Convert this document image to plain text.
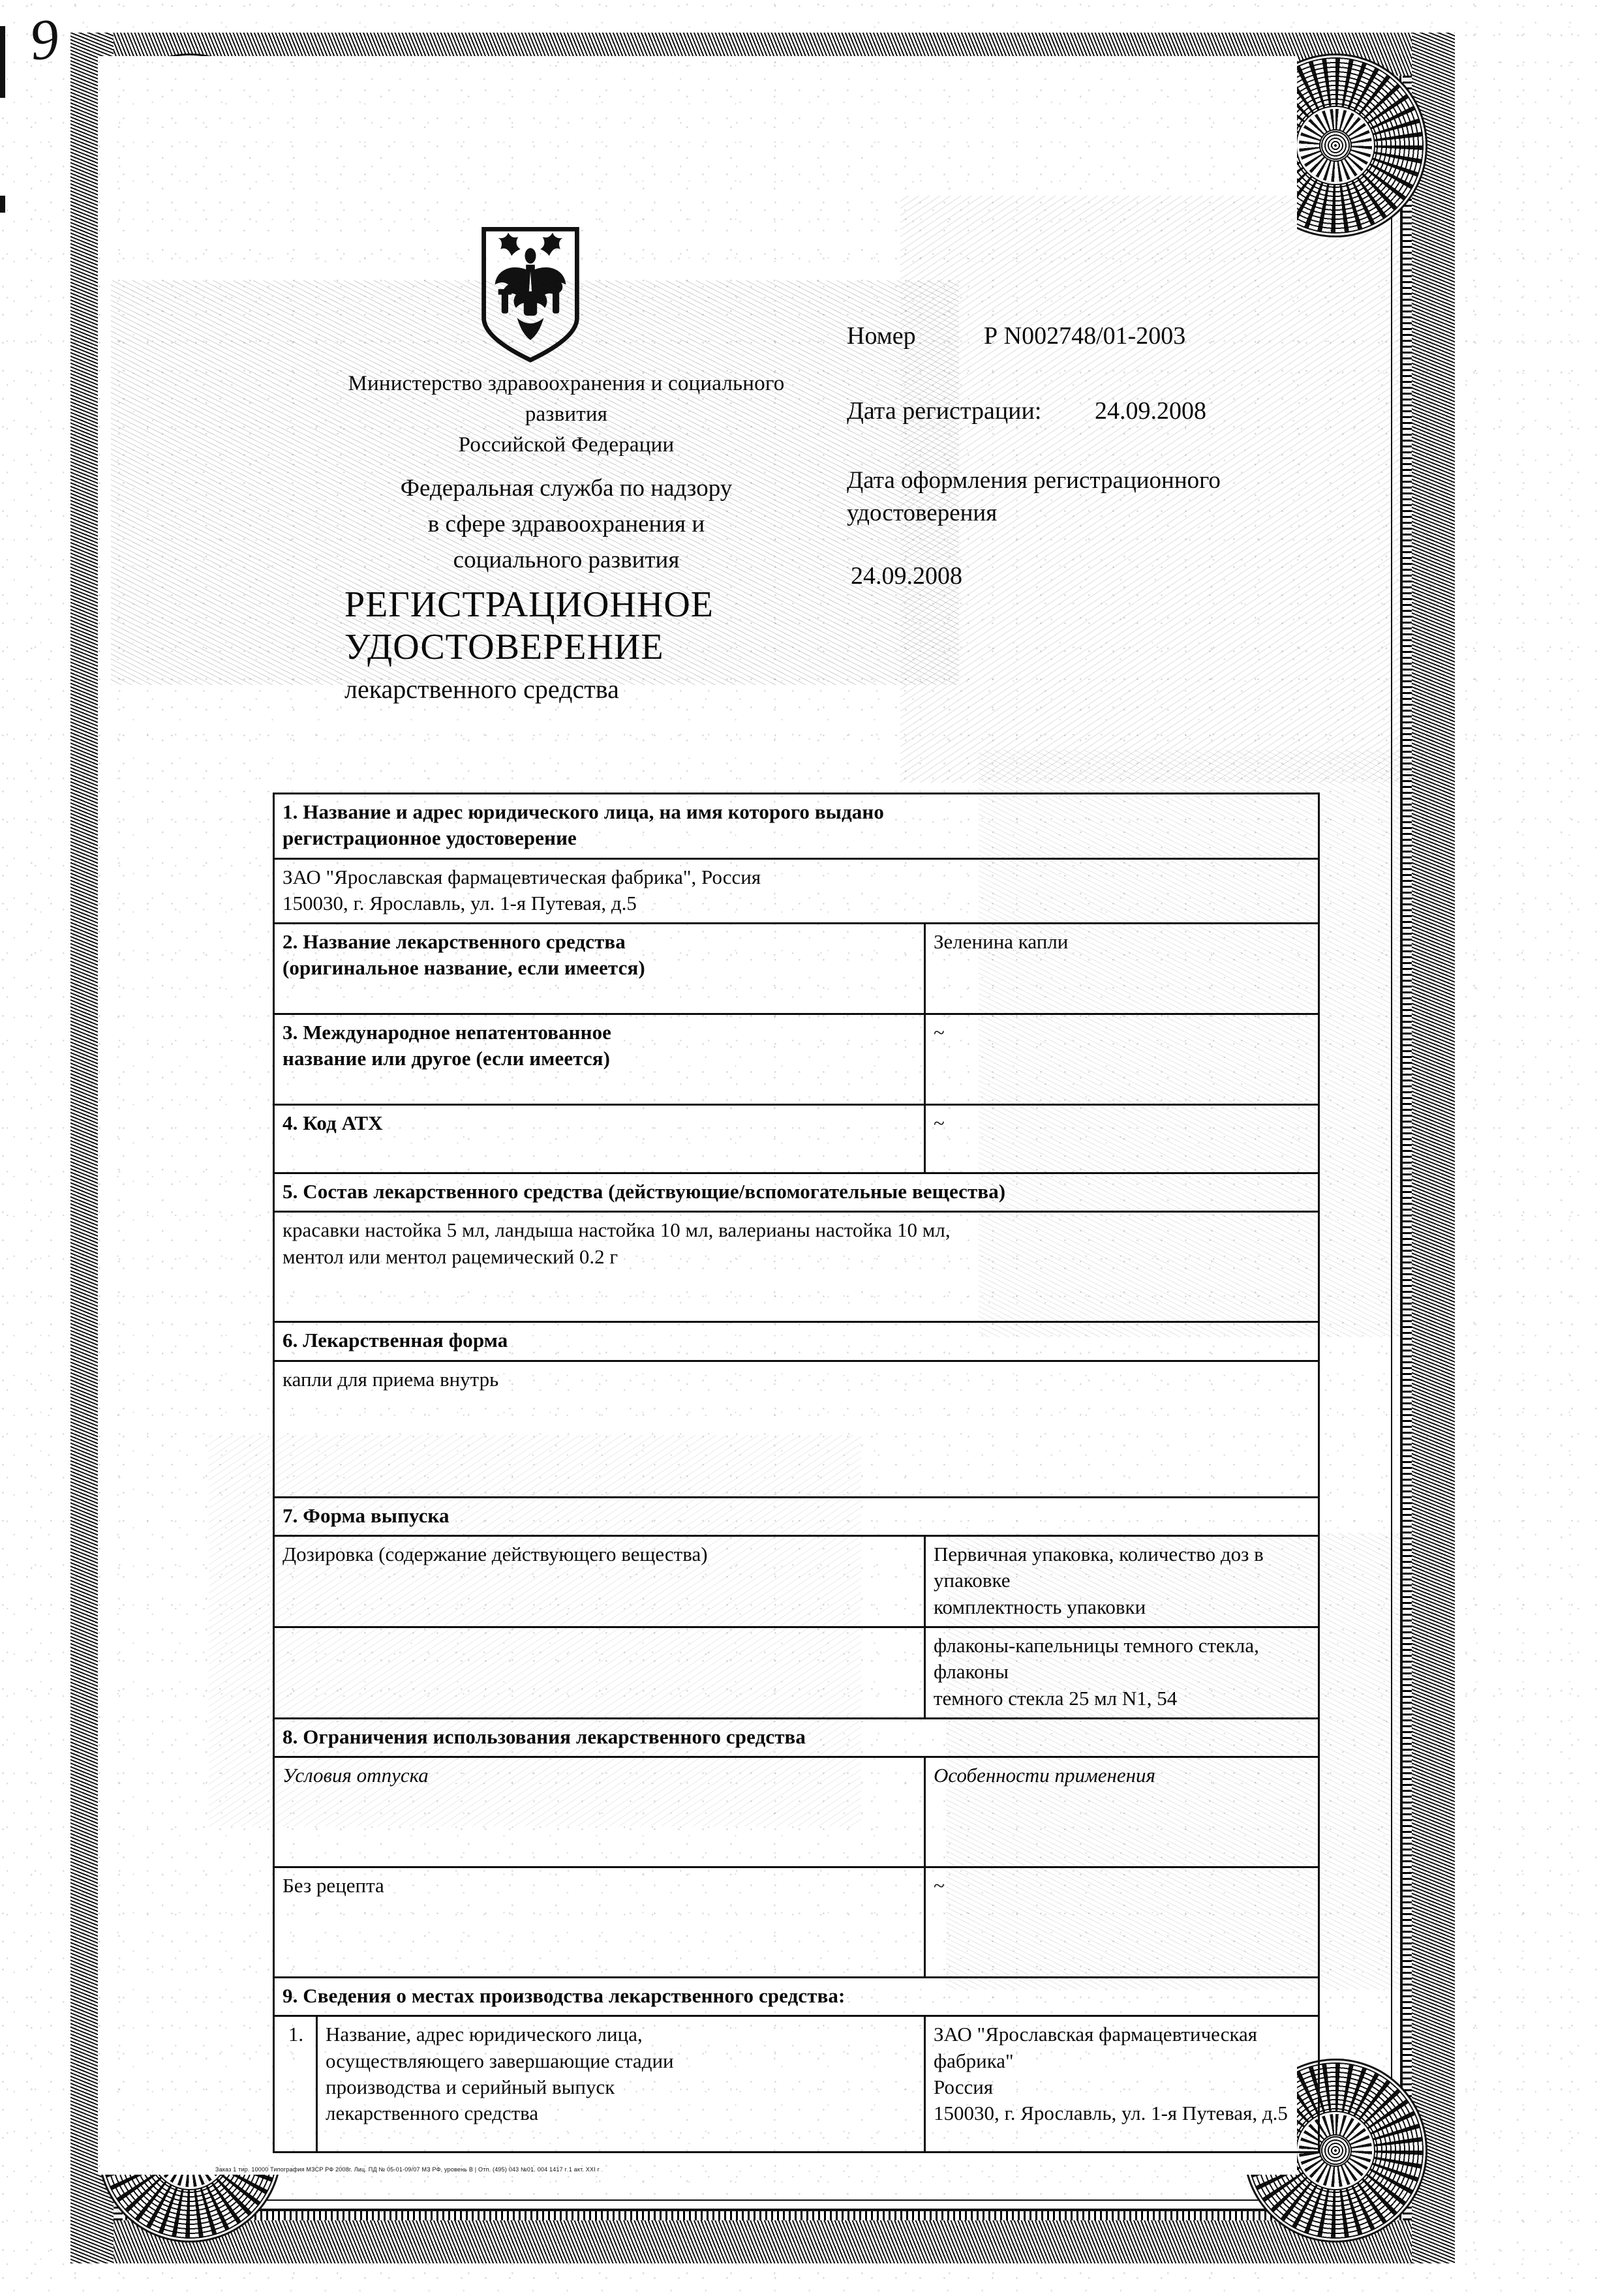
9
Министерство здравоохранения и социального
развития
Российской Федерации
Федеральная служба по надзору
в сфере здравоохранения и
социального развития
РЕГИСТРАЦИОННОЕ
УДОСТОВЕРЕНИЕ
лекарственного средства
Номер	Р N002748/01-2003
Дата регистрации:	24.09.2008
Дата оформления регистрационного
удостоверения
24.09.2008
1. Название и адрес юридического лица, на имя которого выдано
регистрационное удостоверение		
ЗАО "Ярославская фармацевтическая фабрика", Россия
150030, г. Ярославль, ул. 1-я Путевая, д.5		
2. Название лекарственного средства
(оригинальное название, если имеется)		Зеленина капли
3. Международное непатентованное
название или другое (если имеется)		~
4. Код АТХ		~
5. Состав лекарственного средства (действующие/вспомогательные вещества)		
красавки настойка 5 мл, ландыша настойка 10 мл, валерианы настойка 10 мл,
ментол или ментол рацемический 0.2 г		
6. Лекарственная форма		
капли для приема внутрь		
7. Форма выпуска		
Дозировка (содержание действующего вещества)		Первичная упаковка, количество доз в упаковке
комплектность упаковки
		флаконы-капельницы темного стекла, флаконы
темного стекла 25 мл N1, 54
8. Ограничения использования лекарственного средства		
Условия отпуска		Особенности применения
Без рецепта		~
9. Сведения о местах производства лекарственного средства:		
1.	Название, адрес юридического лица,
осуществляющего завершающие стадии
производства и серийный выпуск
лекарственного средства	ЗАО "Ярославская фармацевтическая фабрика"
Россия
150030, г. Ярославль, ул. 1-я Путевая, д.5
Заказ 1 тир. 10000 Типография МЗСР РФ 2008г. Лиц. ПД № 05-01-09/07 МЗ РФ, уровень В | Отп. (495) 043 №01. 004 1417 г 1 акт. XXI г
